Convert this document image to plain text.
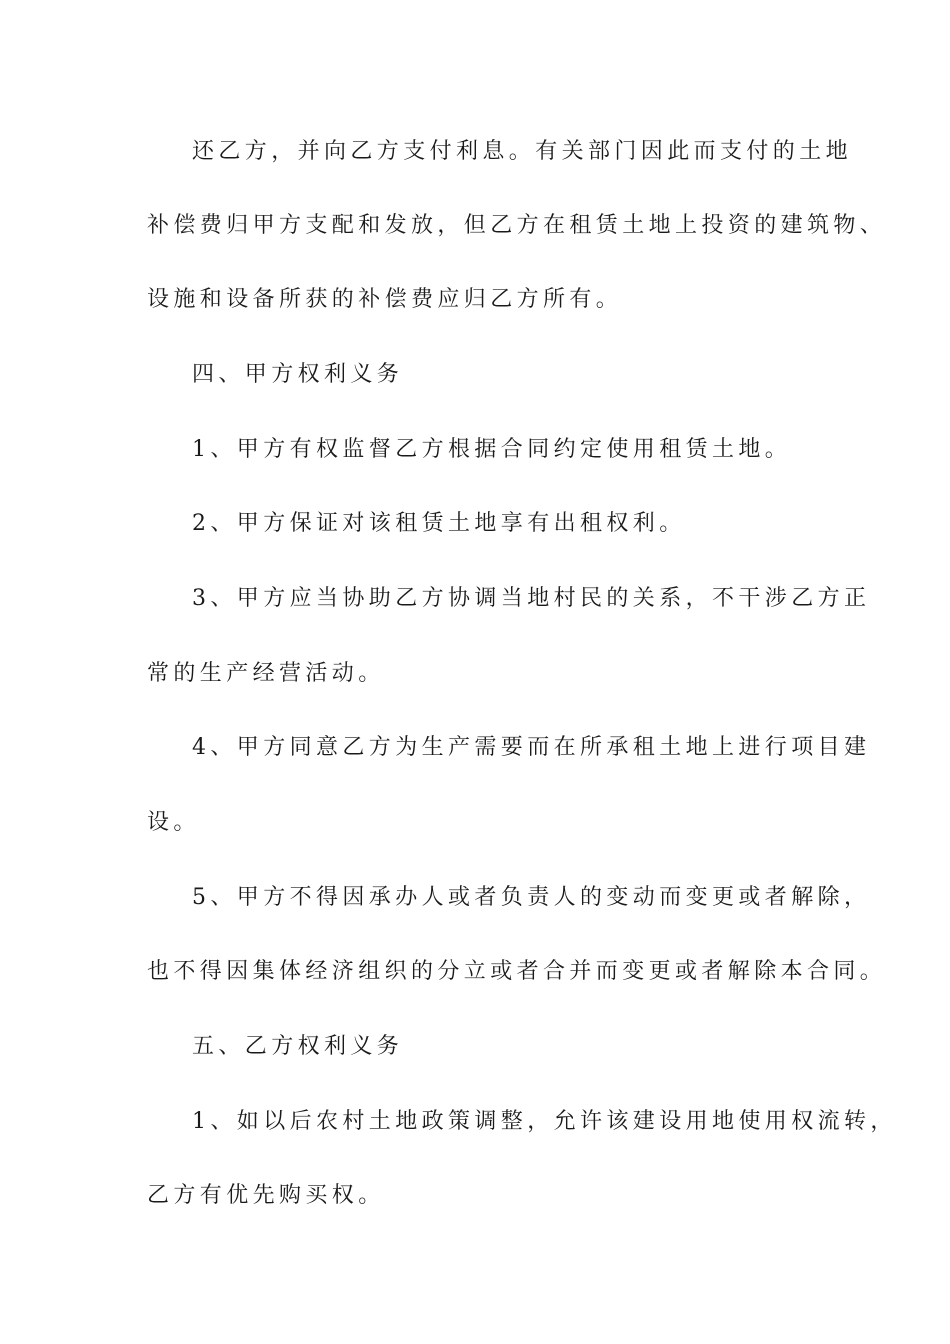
还乙方，并向乙方支付利息。有关部门因此而支付的土地
补偿费归甲方支配和发放，但乙方在租赁土地上投资的建筑物、
设施和设备所获的补偿费应归乙方所有。
四、甲方权利义务
1、甲方有权监督乙方根据合同约定使用租赁土地。
2、甲方保证对该租赁土地享有出租权利。
3、甲方应当协助乙方协调当地村民的关系，不干涉乙方正
常的生产经营活动。
4、甲方同意乙方为生产需要而在所承租土地上进行项目建
设。
5、甲方不得因承办人或者负责人的变动而变更或者解除，
也不得因集体经济组织的分立或者合并而变更或者解除本合同。
五、乙方权利义务
1、如以后农村土地政策调整，允许该建设用地使用权流转，
乙方有优先购买权。
